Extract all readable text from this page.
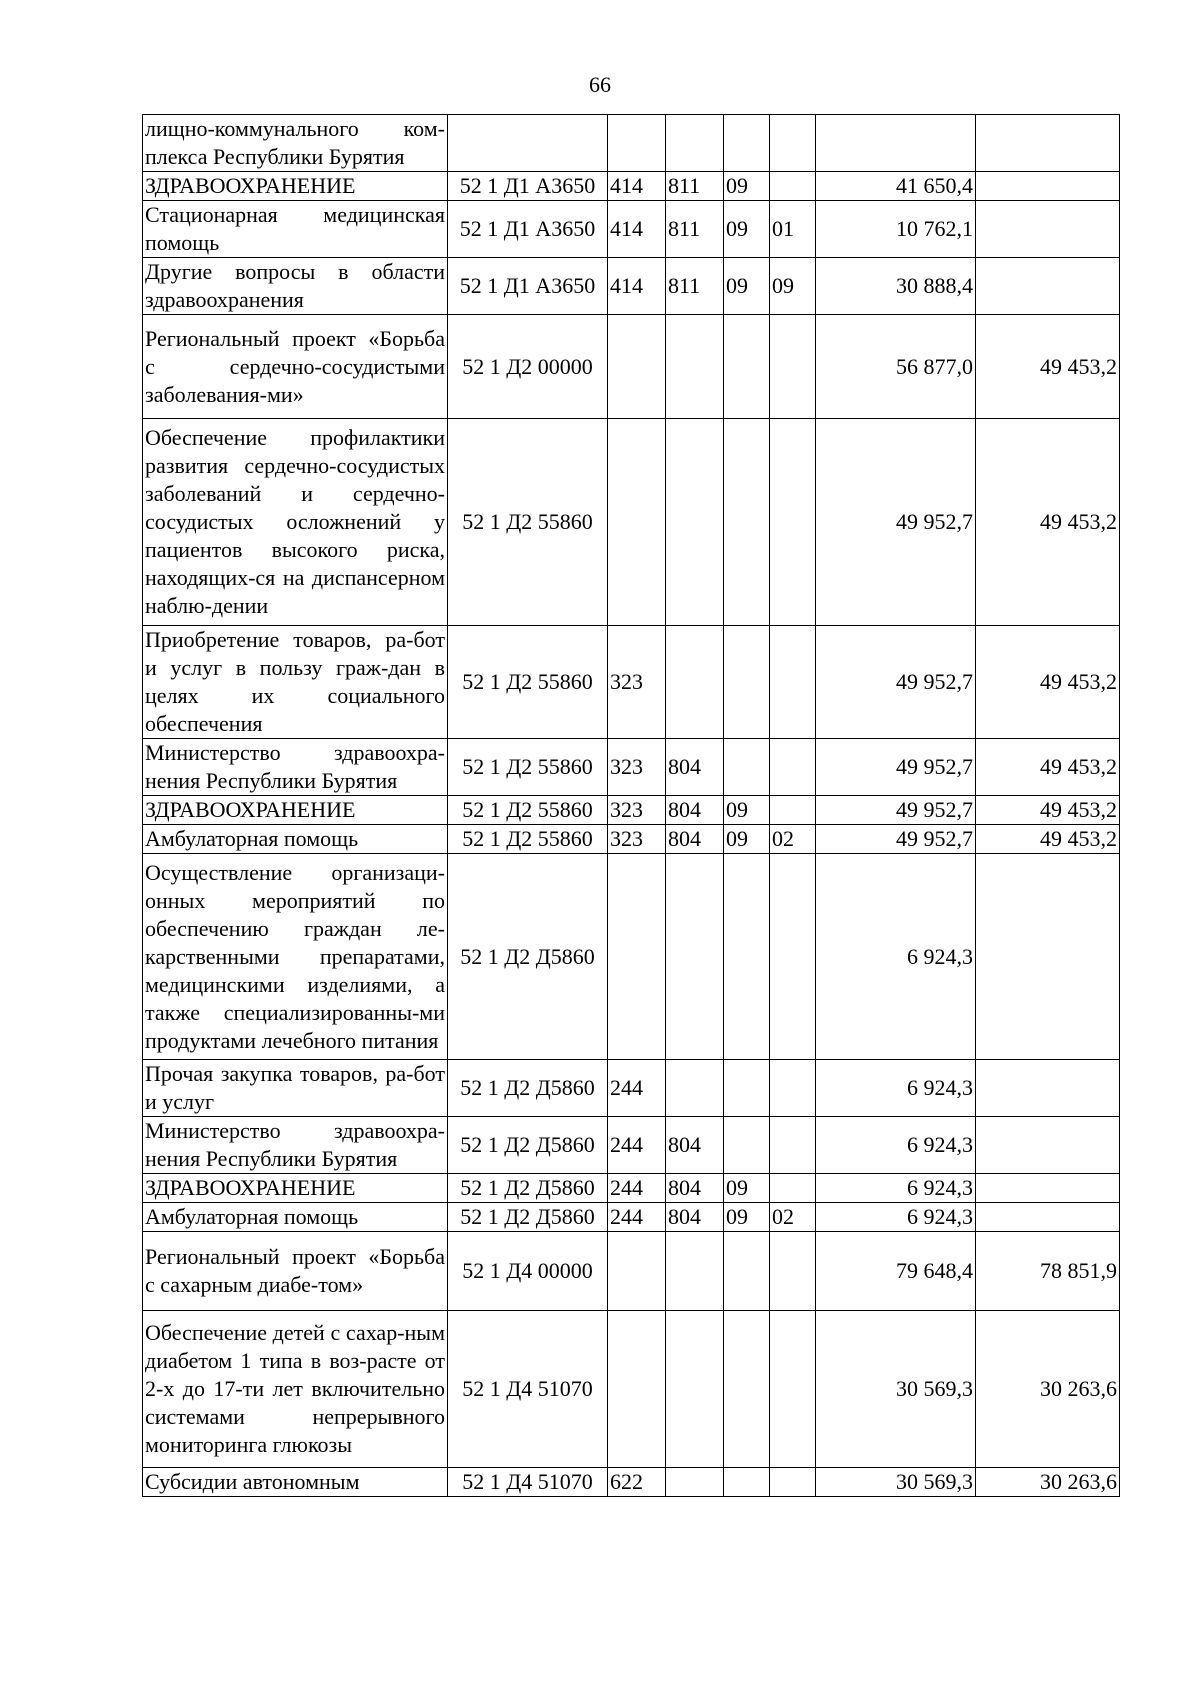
66
лищно-коммунального ком-плекса Республики Бурятия							
ЗДРАВООХРАНЕНИЕ	52 1 Д1 А3650	414	811	09		41 650,4	
Стационарная медицинская помощь	52 1 Д1 А3650	414	811	09	01	10 762,1	
Другие вопросы в области здравоохранения	52 1 Д1 А3650	414	811	09	09	30 888,4	
Региональный проект «Борьба с сердечно-сосудистыми заболевания-ми»	52 1 Д2 00000					56 877,0	49 453,2
Обеспечение профилактики развития сердечно-сосудистых заболеваний и сердечно-сосудистых осложнений у пациентов высокого риска, находящих-ся на диспансерном наблю-дении	52 1 Д2 55860					49 952,7	49 453,2
Приобретение товаров, ра-бот и услуг в пользу граж-дан в целях их социального обеспечения	52 1 Д2 55860	323				49 952,7	49 453,2
Министерство здравоохра-нения Республики Бурятия	52 1 Д2 55860	323	804			49 952,7	49 453,2
ЗДРАВООХРАНЕНИЕ	52 1 Д2 55860	323	804	09		49 952,7	49 453,2
Амбулаторная помощь	52 1 Д2 55860	323	804	09	02	49 952,7	49 453,2
Осуществление организаци-онных мероприятий по обеспечению граждан ле-карственными препаратами, медицинскими изделиями, а также специализированны-ми продуктами лечебного питания	52 1 Д2 Д5860					6 924,3	
Прочая закупка товаров, ра-бот и услуг	52 1 Д2 Д5860	244				6 924,3	
Министерство здравоохра-нения Республики Бурятия	52 1 Д2 Д5860	244	804			6 924,3	
ЗДРАВООХРАНЕНИЕ	52 1 Д2 Д5860	244	804	09		6 924,3	
Амбулаторная помощь	52 1 Д2 Д5860	244	804	09	02	6 924,3	
Региональный проект «Борьба с сахарным диабе-том»	52 1 Д4 00000					79 648,4	78 851,9
Обеспечение детей с сахар-ным диабетом 1 типа в воз-расте от 2-х до 17-ти лет включительно системами непрерывного мониторинга глюкозы	52 1 Д4 51070					30 569,3	30 263,6
Субсидии автономным	52 1 Д4 51070	622				30 569,3	30 263,6
